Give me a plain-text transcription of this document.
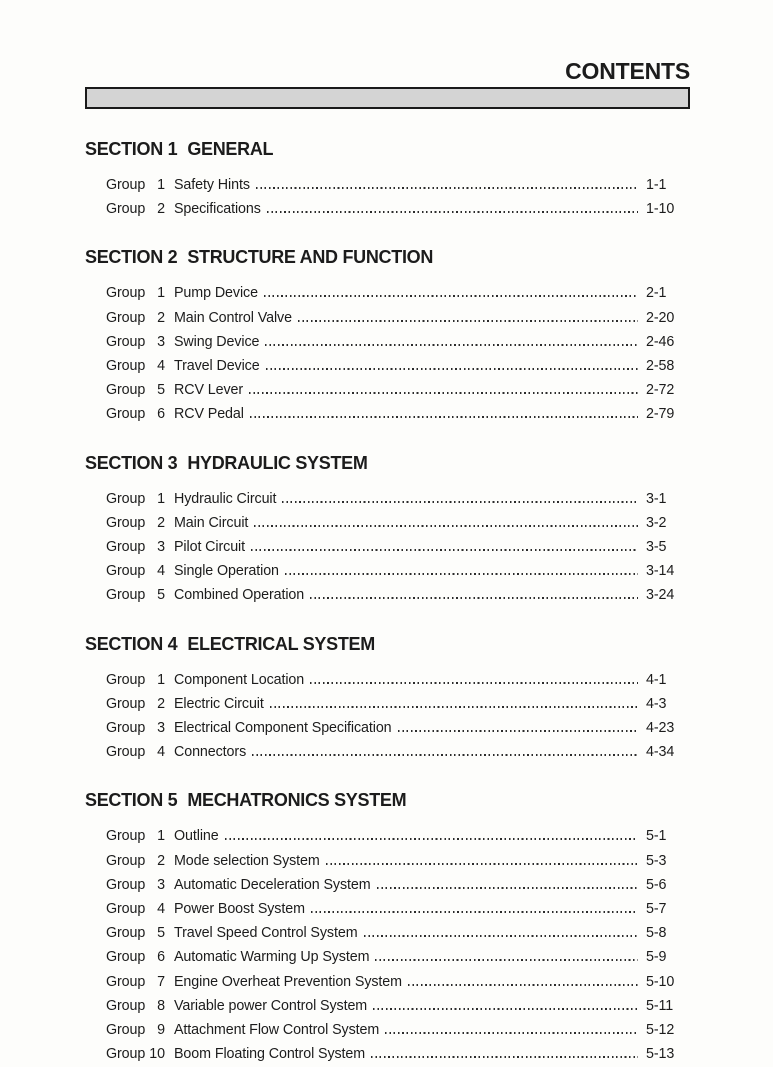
CONTENTS
SECTION 1 GENERAL
Group 1 Safety Hints	1-1
Group 2 Specifications	1-10
SECTION 2 STRUCTURE AND FUNCTION
Group 1 Pump Device	2-1
Group 2 Main Control Valve	2-20
Group 3 Swing Device	2-46
Group 4 Travel Device	2-58
Group 5 RCV Lever	2-72
Group 6 RCV Pedal	2-79
SECTION 3 HYDRAULIC SYSTEM
Group 1 Hydraulic Circuit	3-1
Group 2 Main Circuit	3-2
Group 3 Pilot Circuit	3-5
Group 4 Single Operation	3-14
Group 5 Combined Operation	3-24
SECTION 4 ELECTRICAL SYSTEM
Group 1 Component Location	4-1
Group 2 Electric Circuit	4-3
Group 3 Electrical Component Specification	4-23
Group 4 Connectors	4-34
SECTION 5 MECHATRONICS SYSTEM
Group 1 Outline	5-1
Group 2 Mode selection System	5-3
Group 3 Automatic Deceleration System	5-6
Group 4 Power Boost System	5-7
Group 5 Travel Speed Control System	5-8
Group 6 Automatic Warming Up System	5-9
Group 7 Engine Overheat Prevention System	5-10
Group 8 Variable power Control System	5-11
Group 9 Attachment Flow Control System	5-12
Group 10 Boom Floating Control System	5-13
